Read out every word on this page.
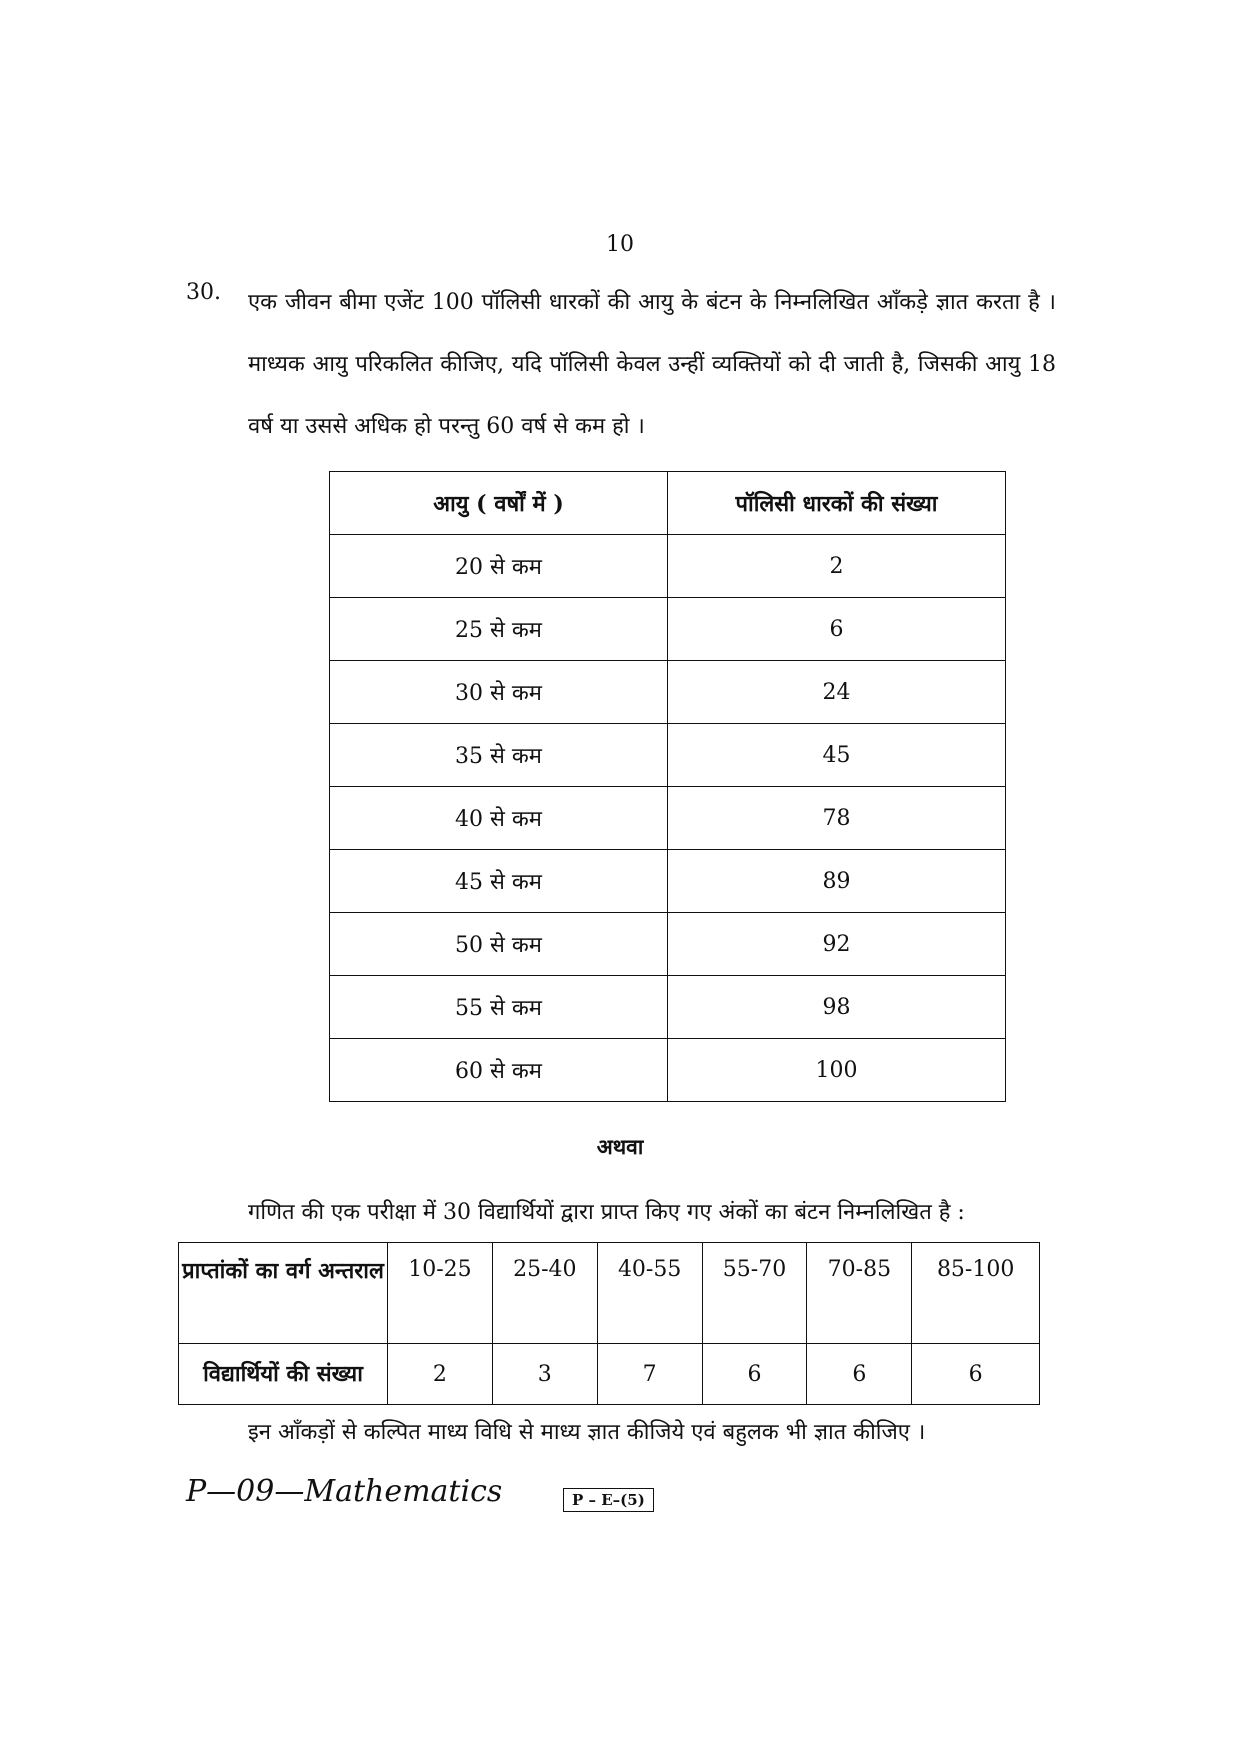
10
30. एक जीवन बीमा एजेंट 100 पॉलिसी धारकों की आयु के बंटन के निम्नलिखित आँकड़े ज्ञात करता है । माध्यक आयु परिकलित कीजिए, यदि पॉलिसी केवल उन्हीं व्यक्तियों को दी जाती है, जिसकी आयु 18 वर्ष या उससे अधिक हो परन्तु 60 वर्ष से कम हो ।
आयु ( वर्षों में )	पॉलिसी धारकों की संख्या
20 से कम	2
25 से कम	6
30 से कम	24
35 से कम	45
40 से कम	78
45 से कम	89
50 से कम	92
55 से कम	98
60 से कम	100
अथवा
गणित की एक परीक्षा में 30 विद्यार्थियों द्वारा प्राप्त किए गए अंकों का बंटन निम्नलिखित है :
प्राप्तांकों का वर्ग अन्तराल	10-25	25-40	40-55	55-70	70-85	85-100
विद्यार्थियों की संख्या	2	3	7	6	6	6
इन आँकड़ों से कल्पित माध्य विधि से माध्य ज्ञात कीजिये एवं बहुलक भी ज्ञात कीजिए ।
P—09—Mathematics	P – E–(5)
